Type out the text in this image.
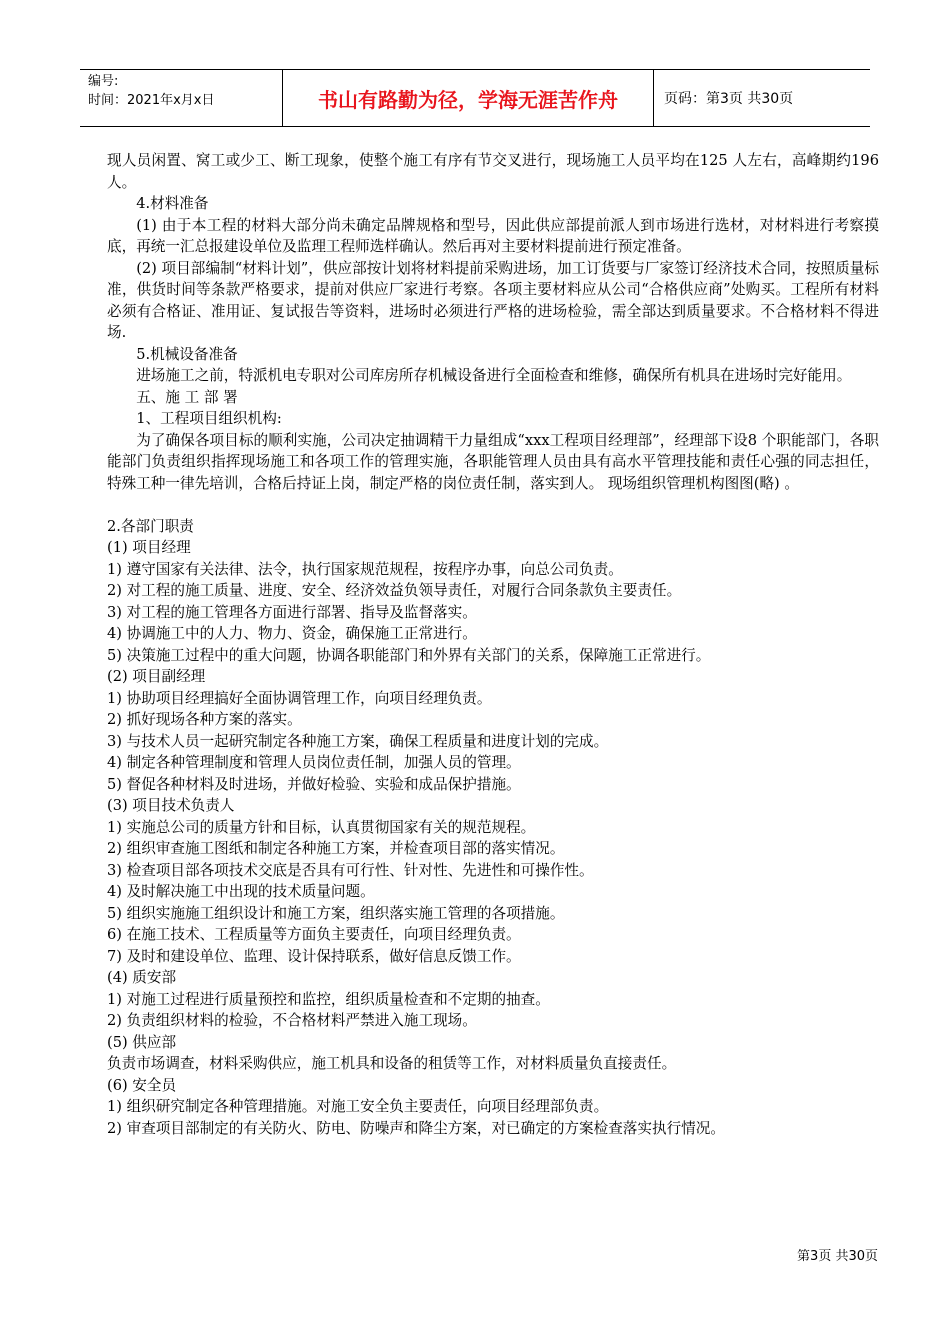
编号:
时间：2021年x月x日	书山有路勤为径，学海无涯苦作舟	页码：第3页 共30页

现人员闲置、窝工或少工、断工现象，使整个施工有序有节交叉进行，现场施工人员平均在125 人左右，高峰期约196 人。

4.材料准备

(1) 由于本工程的材料大部分尚未确定品牌规格和型号，因此供应部提前派人到市场进行选材，对材料进行考察摸底，再统一汇总报建设单位及监理工程师选样确认。然后再对主要材料提前进行预定准备。

(2) 项目部编制“材料计划”，供应部按计划将材料提前采购进场，加工订货要与厂家签订经济技术合同，按照质量标准，供货时间等条款严格要求，提前对供应厂家进行考察。各项主要材料应从公司“合格供应商”处购买。工程所有材料必须有合格证、准用证、复试报告等资料，进场时必须进行严格的进场检验，需全部达到质量要求。不合格材料不得进场.

5.机械设备准备

进场施工之前，特派机电专职对公司库房所存机械设备进行全面检查和维修，确保所有机具在进场时完好能用。

五、施 工 部 署

1、工程项目组织机构:

为了确保各项目标的顺利实施，公司决定抽调精干力量组成“xxx工程项目经理部”，经理部下设8 个职能部门，各职能部门负责组织指挥现场施工和各项工作的管理实施，各职能管理人员由具有高水平管理技能和责任心强的同志担任，特殊工种一律先培训，合格后持证上岗，制定严格的岗位责任制，落实到人。 现场组织管理机构图图(略) 。

2.各部门职责

(1) 项目经理

1) 遵守国家有关法律、法令，执行国家规范规程，按程序办事，向总公司负责。

2) 对工程的施工质量、进度、安全、经济效益负领导责任，对履行合同条款负主要责任。

3) 对工程的施工管理各方面进行部署、指导及监督落实。

4) 协调施工中的人力、物力、资金，确保施工正常进行。

5) 决策施工过程中的重大问题，协调各职能部门和外界有关部门的关系，保障施工正常进行。

(2) 项目副经理

1) 协助项目经理搞好全面协调管理工作，向项目经理负责。

2) 抓好现场各种方案的落实。

3) 与技术人员一起研究制定各种施工方案，确保工程质量和进度计划的完成。

4) 制定各种管理制度和管理人员岗位责任制，加强人员的管理。

5) 督促各种材料及时进场，并做好检验、实验和成品保护措施。

(3) 项目技术负责人

1) 实施总公司的质量方针和目标，认真贯彻国家有关的规范规程。

2) 组织审查施工图纸和制定各种施工方案，并检查项目部的落实情况。

3) 检查项目部各项技术交底是否具有可行性、针对性、先进性和可操作性。

4) 及时解决施工中出现的技术质量问题。

5) 组织实施施工组织设计和施工方案，组织落实施工管理的各项措施。

6) 在施工技术、工程质量等方面负主要责任，向项目经理负责。

7) 及时和建设单位、监理、设计保持联系，做好信息反馈工作。

(4) 质安部

1) 对施工过程进行质量预控和监控，组织质量检查和不定期的抽查。

2) 负责组织材料的检验，不合格材料严禁进入施工现场。

(5) 供应部

负责市场调查，材料采购供应，施工机具和设备的租赁等工作，对材料质量负直接责任。

(6) 安全员

1) 组织研究制定各种管理措施。对施工安全负主要责任，向项目经理部负责。

2) 审查项目部制定的有关防火、防电、防噪声和降尘方案，对已确定的方案检查落实执行情况。

第3页 共30页
